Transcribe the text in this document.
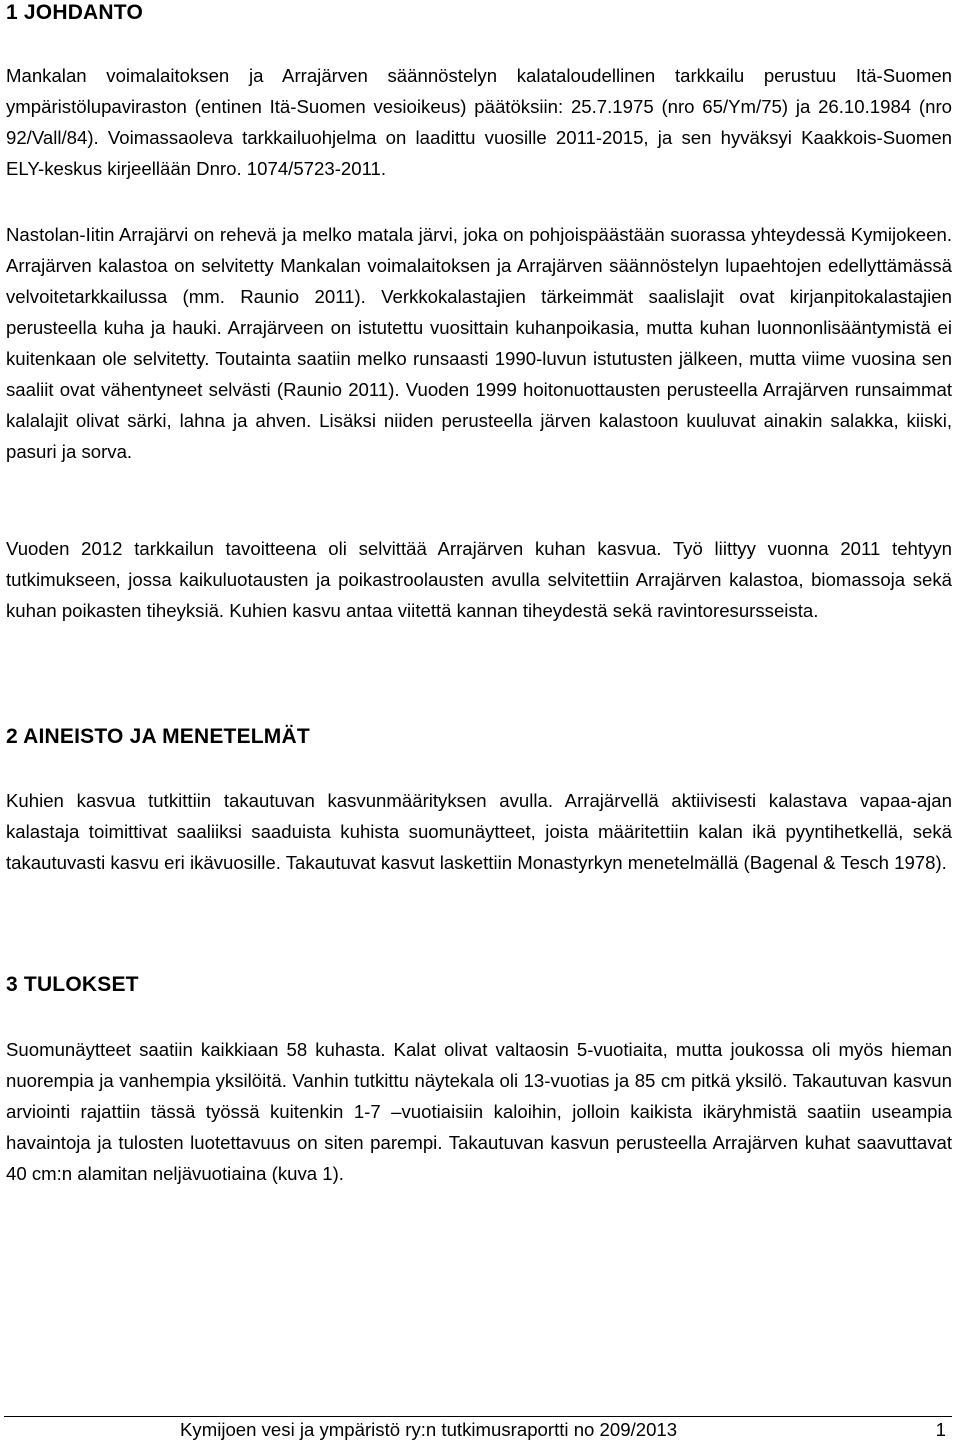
1 JOHDANTO

Mankalan voimalaitoksen ja Arrajärven säännöstelyn kalataloudellinen tarkkailu perustuu Itä-Suomen ympäristölupaviraston (entinen Itä-Suomen vesioikeus) päätöksiin: 25.7.1975 (nro 65/Ym/75) ja 26.10.1984 (nro 92/Vall/84). Voimassaoleva tarkkailuohjelma on laadittu vuosille 2011-2015, ja sen hyväksyi Kaakkois-Suomen ELY-keskus kirjeellään Dnro. 1074/5723-2011.

Nastolan-Iitin Arrajärvi on rehevä ja melko matala järvi, joka on pohjoispäästään suorassa yhteydessä Kymijokeen. Arrajärven kalastoa on selvitetty Mankalan voimalaitoksen ja Arrajärven säännöstelyn lupaehtojen edellyttämässä velvoitetarkkailussa (mm. Raunio 2011). Verkkokalastajien tärkeimmät saalislajit ovat kirjanpitokalastajien perusteella kuha ja hauki. Arrajärveen on istutettu vuosittain kuhanpoikasia, mutta kuhan luonnonlisääntymistä ei kuitenkaan ole selvitetty. Toutainta saatiin melko runsaasti 1990-luvun istutusten jälkeen, mutta viime vuosina sen saaliit ovat vähentyneet selvästi (Raunio 2011). Vuoden 1999 hoitonuottausten perusteella Arrajärven runsaimmat kalalajit olivat särki, lahna ja ahven. Lisäksi niiden perusteella järven kalastoon kuuluvat ainakin salakka, kiiski, pasuri ja sorva.

Vuoden 2012 tarkkailun tavoitteena oli selvittää Arrajärven kuhan kasvua. Työ liittyy vuonna 2011 tehtyyn tutkimukseen, jossa kaikuluotausten ja poikastroolausten avulla selvitettiin Arrajärven kalastoa, biomassoja sekä kuhan poikasten tiheyksiä. Kuhien kasvu antaa viitettä kannan tiheydestä sekä ravintoresursseista.

2 AINEISTO JA MENETELMÄT

Kuhien kasvua tutkittiin takautuvan kasvunmäärityksen avulla. Arrajärvellä aktiivisesti kalastava vapaa-ajan kalastaja toimittivat saaliiksi saaduista kuhista suomunäytteet, joista määritettiin kalan ikä pyyntihetkellä, sekä takautuvasti kasvu eri ikävuosille. Takautuvat kasvut laskettiin Monastyrkyn menetelmällä (Bagenal & Tesch 1978).

3 TULOKSET

Suomunäytteet saatiin kaikkiaan 58 kuhasta. Kalat olivat valtaosin 5-vuotiaita, mutta joukossa oli myös hieman nuorempia ja vanhempia yksilöitä. Vanhin tutkittu näytekala oli 13-vuotias ja 85 cm pitkä yksilö. Takautuvan kasvun arviointi rajattiin tässä työssä kuitenkin 1-7 –vuotiaisiin kaloihin, jolloin kaikista ikäryhmistä saatiin useampia havaintoja ja tulosten luotettavuus on siten parempi. Takautuvan kasvun perusteella Arrajärven kuhat saavuttavat 40 cm:n alamitan neljävuotiaina (kuva 1).

Kymijoen vesi ja ympäristö ry:n tutkimusraportti no 209/2013	1
